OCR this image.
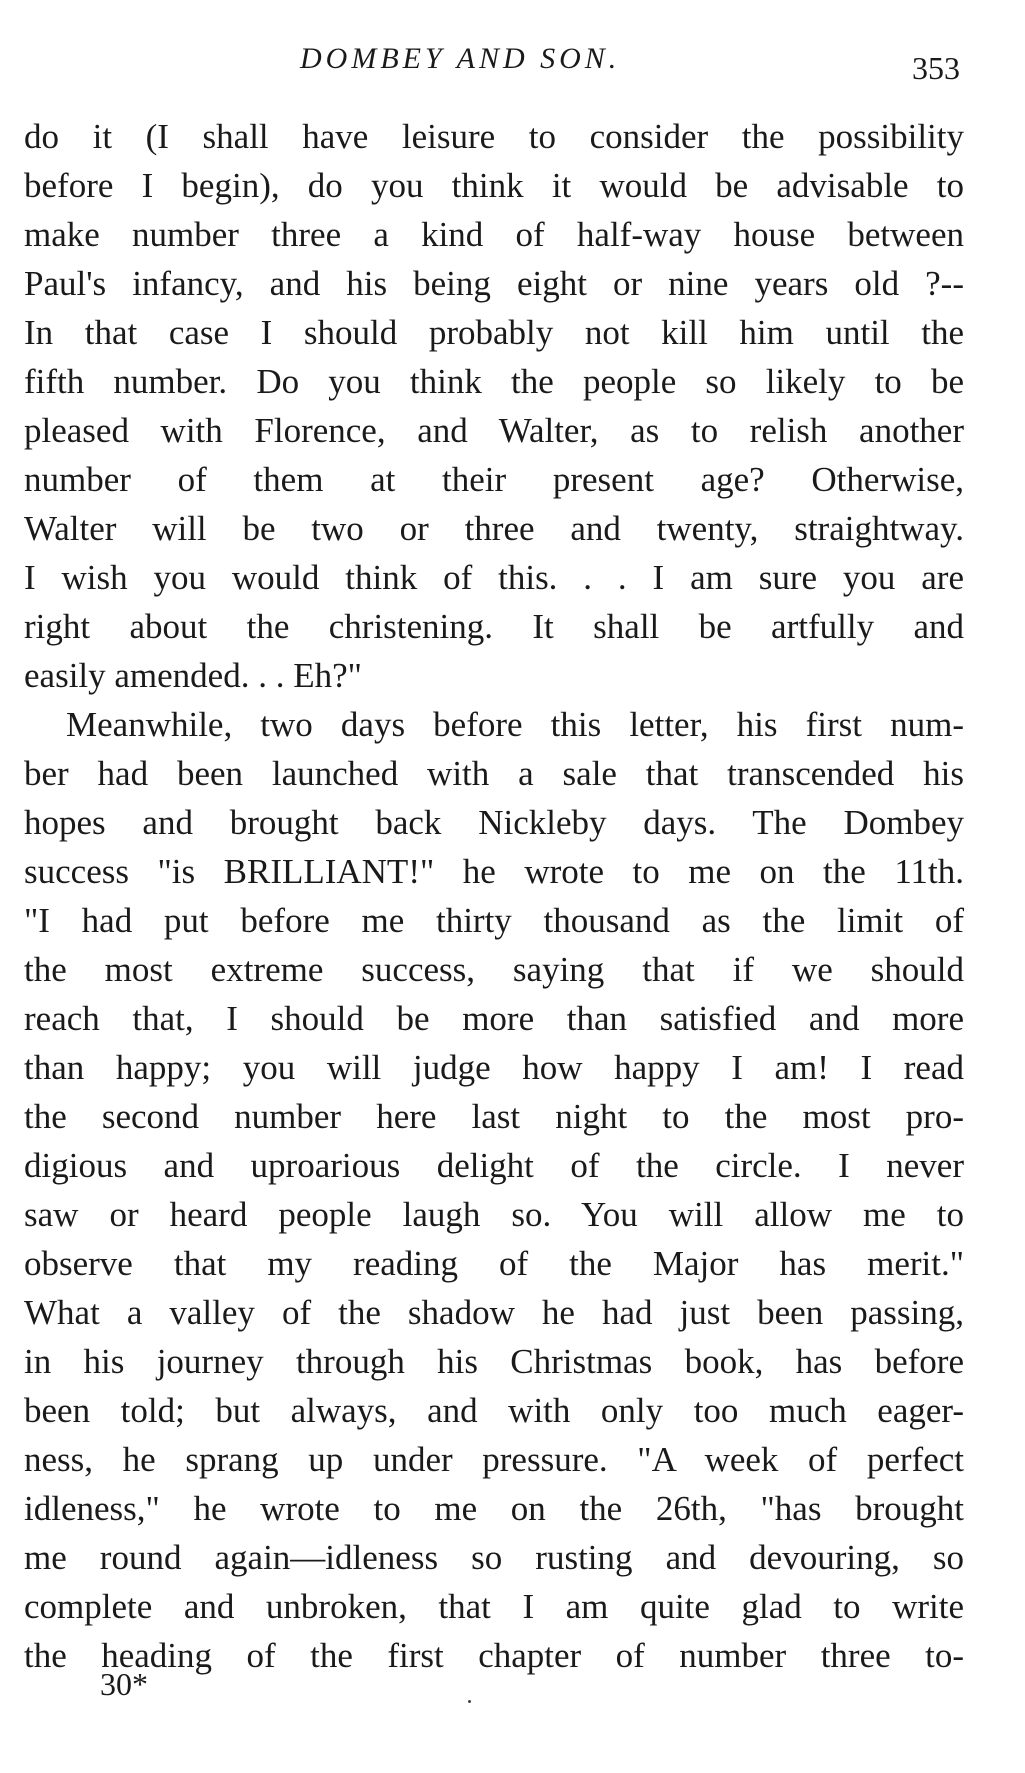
DOMBEY AND SON.	353
do it (I shall have leisure to consider the possibility
before I begin), do you think it would be advisable to
make number three a kind of half-way house between
Paul's infancy, and his being eight or nine years old ?--
In that case I should probably not kill him until the
fifth number. Do you think the people so likely to be
pleased with Florence, and Walter, as to relish another
number of them at their present age? Otherwise,
Walter will be two or three and twenty, straightway.
I wish you would think of this. . . I am sure you are
right about the christening. It shall be artfully and
easily amended. . . Eh?"
Meanwhile, two days before this letter, his first num-
ber had been launched with a sale that transcended his
hopes and brought back Nickleby days. The Dombey
success "is BRILLIANT!" he wrote to me on the 11th.
"I had put before me thirty thousand as the limit of
the most extreme success, saying that if we should
reach that, I should be more than satisfied and more
than happy; you will judge how happy I am! I read
the second number here last night to the most pro-
digious and uproarious delight of the circle. I never
saw or heard people laugh so. You will allow me to
observe that my reading of the Major has merit."
What a valley of the shadow he had just been passing,
in his journey through his Christmas book, has before
been told; but always, and with only too much eager-
ness, he sprang up under pressure. "A week of perfect
idleness," he wrote to me on the 26th, "has brought
me round again—idleness so rusting and devouring, so
complete and unbroken, that I am quite glad to write
the heading of the first chapter of number three to-
30*
